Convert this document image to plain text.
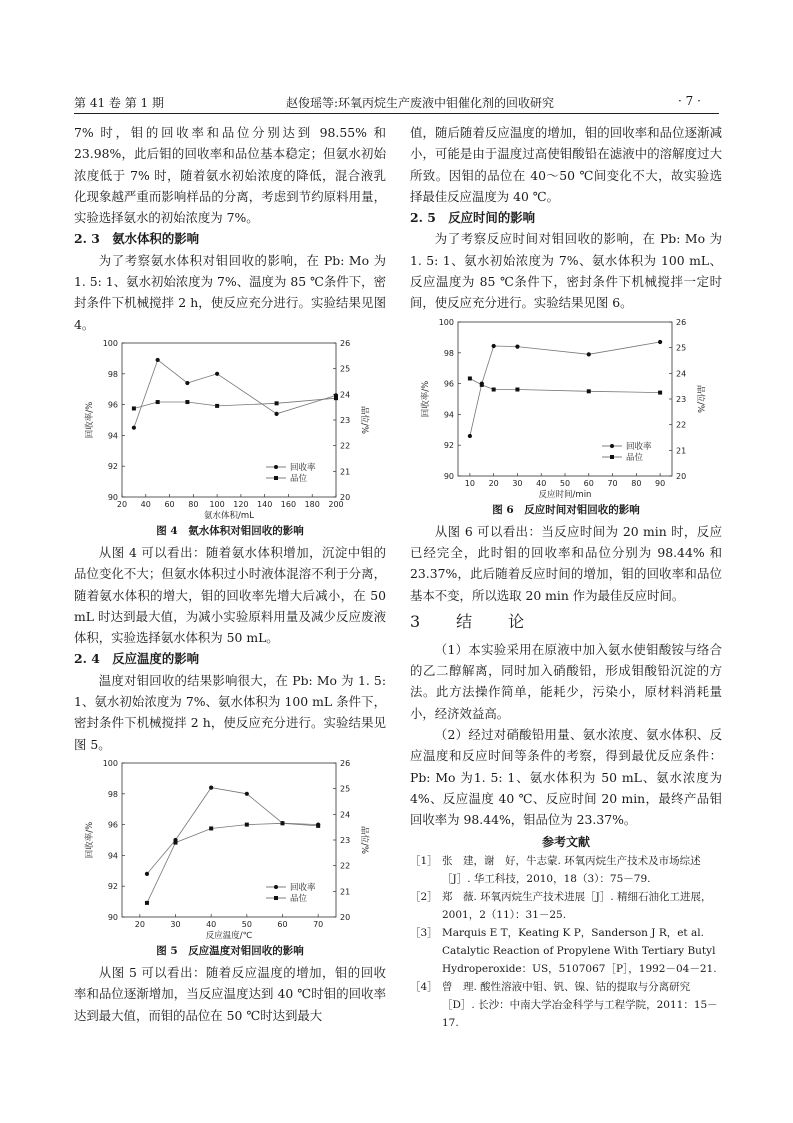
第 41 卷 第 1 期	赵俊瑶等:环氧丙烷生产废液中钼催化剂的回收研究	· 7 ·

7% 时，钼的回收率和品位分别达到 98.55% 和 23.98%，此后钼的回收率和品位基本稳定；但氨水初始浓度低于 7% 时，随着氨水初始浓度的降低，混合液乳化现象越严重而影响样品的分离，考虑到节约原料用量，实验选择氨水的初始浓度为 7%。

2. 3　氨水体积的影响

为了考察氨水体积对钼回收的影响，在 Pb: Mo 为1. 5: 1、氨水初始浓度为 7%、温度为 85 ℃条件下，密封条件下机械搅拌 2 h，使反应充分进行。实验结果见图 4。

20 40 60 80 100 120 140 160 180 200
90
92
94
96
98
100
20
21
22
23
24
25
26
氨水体积/mL
回收率/%	品位/%
回收率
品位
图 4　氨水体积对钼回收的影响

从图 4 可以看出：随着氨水体积增加，沉淀中钼的品位变化不大；但氨水体积过小时液体混溶不利于分离，随着氨水体积的增大，钼的回收率先增大后减小，在 50 mL 时达到最大值，为减小实验原料用量及减少反应废液体积，实验选择氨水体积为 50 mL。

2. 4　反应温度的影响

温度对钼回收的结果影响很大，在 Pb: Mo 为 1. 5: 1、氨水初始浓度为 7%、氨水体积为 100 mL 条件下，密封条件下机械搅拌 2 h，使反应充分进行。实验结果见图 5。

20	30	40	50	60	70
90
92
94
96
98
100
20
21
22
23
24
25
26
反应温度/℃
回收率/%	品位/%
回收率
品位
图 5　反应温度对钼回收的影响

从图 5 可以看出：随着反应温度的增加，钼的回收率和品位逐渐增加，当反应温度达到 40 ℃时钼的回收率达到最大值，而钼的品位在 50 ℃时达到最大

值，随后随着反应温度的增加，钼的回收率和品位逐渐减小，可能是由于温度过高使钼酸铅在滤液中的溶解度过大所致。因钼的品位在 40～50 ℃间变化不大，故实验选择最佳反应温度为 40 ℃。

2. 5　反应时间的影响

为了考察反应时间对钼回收的影响，在 Pb: Mo 为1. 5: 1、氨水初始浓度为 7%、氨水体积为 100 mL、反应温度为 85 ℃条件下，密封条件下机械搅拌一定时间，使反应充分进行。实验结果见图 6。

10 20 30 40 50 60 70 80 90
90
92
94
96
98
100
20
21
22
23
24
25
26
反应时间/min
回收率/%	品位/%
回收率
品位
图 6　反应时间对钼回收的影响

从图 6 可以看出：当反应时间为 20 min 时，反应已经完全，此时钼的回收率和品位分别为 98.44% 和 23.37%，此后随着反应时间的增加，钼的回收率和品位基本不变，所以选取 20 min 作为最佳反应时间。

3　结　论

（1）本实验采用在原液中加入氨水使钼酸铵与络合的乙二醇解离，同时加入硝酸铅，形成钼酸铅沉淀的方法。此方法操作简单，能耗少，污染小，原材料消耗量小，经济效益高。

（2）经过对硝酸铅用量、氨水浓度、氨水体积、反应温度和反应时间等条件的考察，得到最优反应条件：Pb: Mo 为1. 5: 1、氨水体积为 50 mL、氨水浓度为 4%、反应温度 40 ℃、反应时间 20 min，最终产品钼回收率为 98.44%，钼品位为 23.37%。

参考文献
［1］ 张　建，谢　好，牛志蒙. 环氧丙烷生产技术及市场综述［J］. 华工科技，2010，18（3）：75－79.
［2］ 郑　薇. 环氧丙烷生产技术进展［J］. 精细石油化工进展，2001，2（11）：31－25.
［3］ Marquis E T，Keating K P，Sanderson J R，et al. Catalytic Reaction of Propylene With Tertiary Butyl Hydroperoxide：US，5107067［P］，1992－04－21.
［4］ 曾　理. 酸性溶液中钼、钒、镍、钴的提取与分离研究［D］. 长沙：中南大学冶金科学与工程学院，2011：15－17.
